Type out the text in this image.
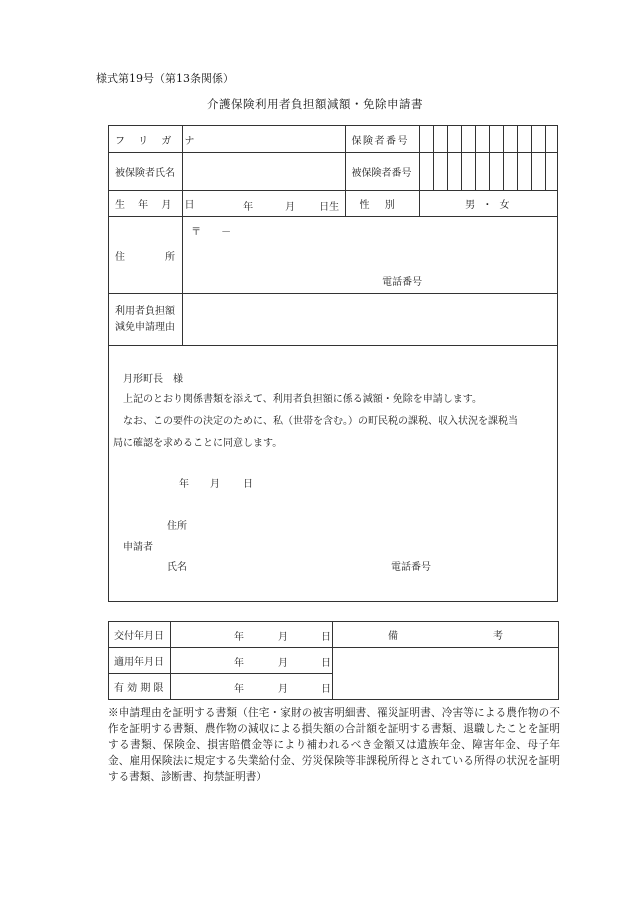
様式第19号（第13条関係）
介護保険利用者負担額減額・免除申請書
フ リ ガ ナ		保険者番号										
被保険者氏名		被保険者番号										
生 年 月 日	年 月 日生	性 別	男 ・ 女									
住 所	〒　　－
電話番号											

利用者負担額
減免申請理由												
月形町長　様
上記のとおり関係書類を添えて、利用者負担額に係る減額・免除を申請します。
なお、この要件の決定のために、私（世帯を含む。）の町民税の課税、収入状況を課税当
局に確認を求めることに同意します。
年 月 日
住所
申請者
氏名	電話番号
交付年月日	年 月 日	備 考
適用年月日	年 月 日	

有 効 期 限	年 月 日	
※申請理由を証明する書類（住宅・家財の被害明細書、罹災証明書、冷害等による農作物の不作を証明する書類、農作物の減収による損失額の合計額を証明する書類、退職したことを証明する書類、保険金、損害賠償金等により補われるべき金額又は遺族年金、障害年金、母子年金、雇用保険法に規定する失業給付金、労災保険等非課税所得とされている所得の状況を証明する書類、診断書、拘禁証明書）
